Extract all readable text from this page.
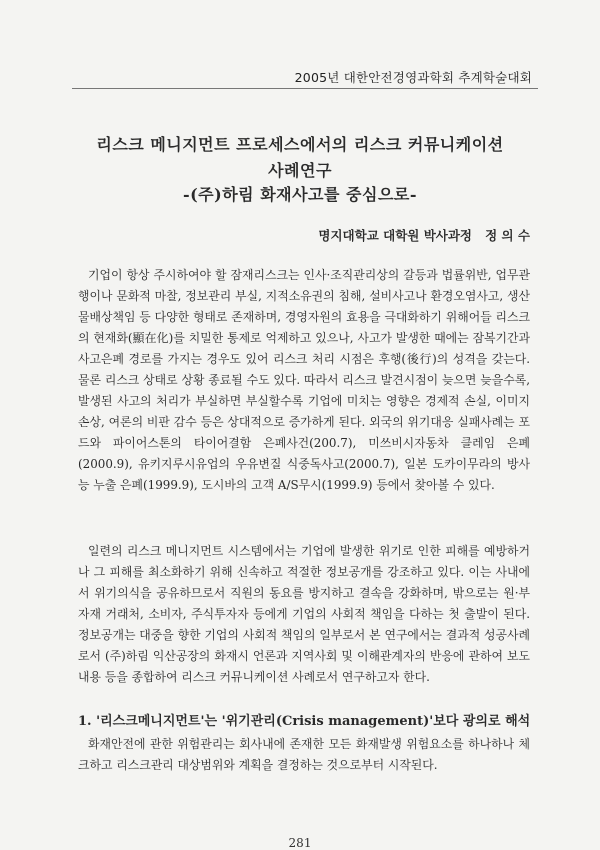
2005년 대한안전경영과학회 추계학술대회
리스크 메니지먼트 프로세스에서의 리스크 커뮤니케이션
사례연구
-(주)하림 화재사고를 중심으로-
명지대학교 대학원 박사과정 정 의 수

기업이 항상 주시하여야 할 잠재리스크는 인사·조직관리상의 갈등과 법률위반, 업무관행이나 문화적 마찰, 정보관리 부실, 지적소유권의 침해, 설비사고나 환경오염사고, 생산물배상책임 등 다양한 형태로 존재하며, 경영자원의 효용을 극대화하기 위해어들 리스크의 현재화(顯在化)를 치밀한 통제로 억제하고 있으나, 사고가 발생한 때에는 잠복기간과 사고은폐 경로를 가지는 경우도 있어 리스크 처리 시점은 후행(後行)의 성격을 갖는다. 물론 리스크 상태로 상황 종료될 수도 있다. 따라서 리스크 발견시점이 늦으면 늦을수록, 발생된 사고의 처리가 부실하면 부실할수록 기업에 미치는 영향은 경제적 손실, 이미지 손상, 여론의 비판 감수 등은 상대적으로 증가하게 된다. 외국의 위기대응 실패사례는 포드와 파이어스톤의 타이어결함 은폐사건(200.7), 미쓰비시자동차 클레임 은폐(2000.9), 유키지루시유업의 우유변질 식중독사고(2000.7), 일본 도카이무라의 방사능 누출 은폐(1999.9), 도시바의 고객 A/S무시(1999.9) 등에서 찾아볼 수 있다.

일련의 리스크 메니지먼트 시스템에서는 기업에 발생한 위기로 인한 피해를 예방하거나 그 피해를 최소화하기 위해 신속하고 적절한 정보공개를 강조하고 있다. 이는 사내에서 위기의식을 공유하므로서 직원의 동요를 방지하고 결속을 강화하며, 밖으로는 원·부자재 거래처, 소비자, 주식투자자 등에게 기업의 사회적 책임을 다하는 첫 출발이 된다. 정보공개는 대중을 향한 기업의 사회적 책임의 일부로서 본 연구에서는 결과적 성공사례로서 (주)하림 익산공장의 화재시 언론과 지역사회 및 이해관계자의 반응에 관하여 보도내용 등을 종합하여 리스크 커뮤니케이션 사례로서 연구하고자 한다.

1. '리스크메니지먼트'는 '위기관리(Crisis management)'보다 광의로 해석

화재안전에 관한 위험관리는 회사내에 존재한 모든 화재발생 위험요소를 하나하나 체크하고 리스크관리 대상범위와 계획을 결정하는 것으로부터 시작된다.

281
